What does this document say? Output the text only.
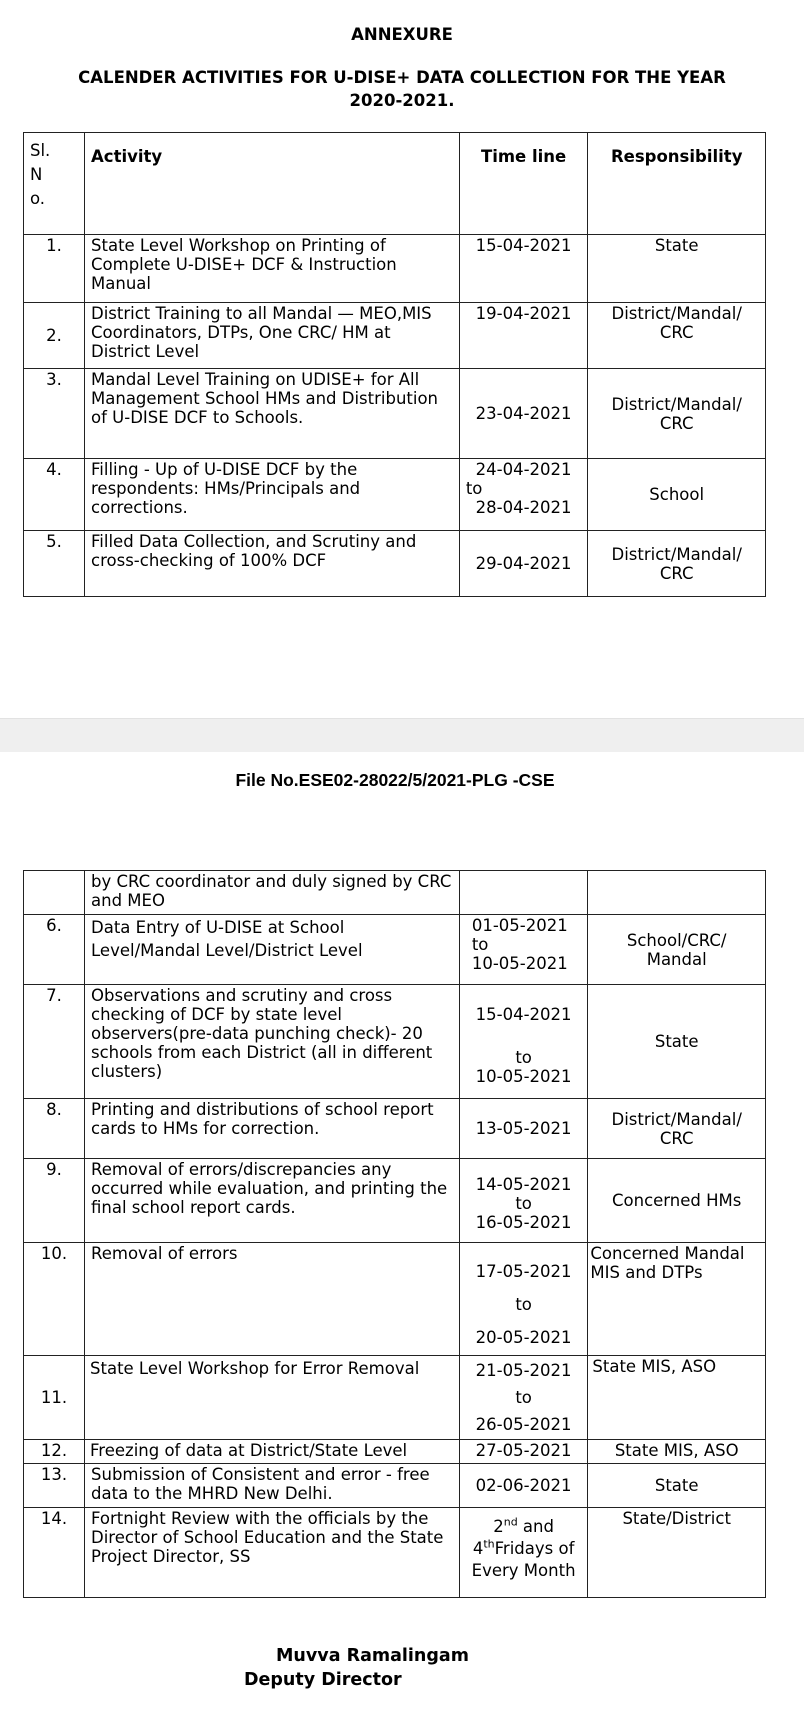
ANNEXURE
CALENDER ACTIVITIES FOR U-DISE+ DATA COLLECTION FOR THE YEAR
2020-2021.
Sl.
N
o.	Activity	Time line	Responsibility
1.	State Level Workshop on Printing of Complete U-DISE+ DCF & Instruction Manual	15-04-2021	State
2.	District Training to all Mandal — MEO,MIS Coordinators, DTPs, One CRC/ HM at District Level	19-04-2021	District/Mandal/ CRC
3.	Mandal Level Training on UDISE+ for All Management School HMs and Distribution of U-DISE DCF to Schools.	23-04-2021	District/Mandal/ CRC
4.	Filling - Up of U-DISE DCF by the respondents: HMs/Principals and corrections.	24-04-2021
to
28-04-2021	School
5.	Filled Data Collection, and Scrutiny and cross-checking of 100% DCF	29-04-2021	District/Mandal/ CRC
File No.ESE02-28022/5/2021-PLG -CSE
	by CRC coordinator and duly signed by CRC and MEO		
6.	Data Entry of U-DISE at School Level/Mandal Level/District Level	01-05-2021
to
10-05-2021	School/CRC/ Mandal
7.	Observations and scrutiny and cross checking of DCF by state level observers(pre-data punching check)- 20 schools from each District (all in different clusters)	15-04-2021
to
10-05-2021	State
8.	Printing and distributions of school report cards to HMs for correction.	13-05-2021	District/Mandal/ CRC
9.	Removal of errors/discrepancies any occurred while evaluation, and printing the final school report cards.	14-05-2021
to
16-05-2021	Concerned HMs
10.	Removal of errors	17-05-2021
to
20-05-2021	Concerned Mandal MIS and DTPs
11.	State Level Workshop for Error Removal	21-05-2021
to
26-05-2021	State MIS, ASO
12.	Freezing of data at District/State Level	27-05-2021	State MIS, ASO
13.	Submission of Consistent and error - free data to the MHRD New Delhi.	02-06-2021	State
14.	Fortnight Review with the officials by the Director of School Education and the State Project Director, SS	2nd and
4thFridays of
Every Month	State/District
Muvva Ramalingam
Deputy Director
